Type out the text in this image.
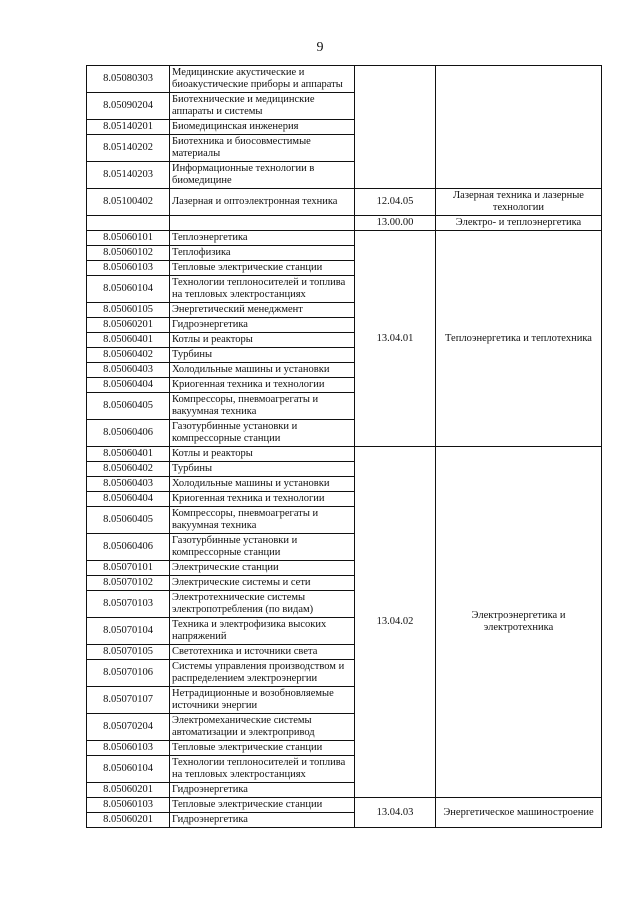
9
8.05080303	Медицинские акустические и биоакустические приборы и аппараты		
8.05090204	Биотехнические и медицинские аппараты и системы		
8.05140201	Биомедицинская инженерия		
8.05140202	Биотехника и биосовместимые материалы		
8.05140203	Информационные технологии в биомедицине		
8.05100402	Лазерная и оптоэлектронная техника	12.04.05	Лазерная техника и лазерные технологии
		13.00.00	Электро- и теплоэнергетика
8.05060101	Теплоэнергетика	13.04.01	Теплоэнергетика и теплотехника
8.05060102	Теплофизика		
8.05060103	Тепловые электрические станции		
8.05060104	Технологии теплоносителей и топлива на тепловых электростанциях		
8.05060105	Энергетический менеджмент		
8.05060201	Гидроэнергетика		
8.05060401	Котлы и реакторы		
8.05060402	Турбины		
8.05060403	Холодильные машины и установки		
8.05060404	Криогенная техника и технологии		
8.05060405	Компрессоры, пневмоагрегаты и вакуумная техника		
8.05060406	Газотурбинные установки и компрессорные станции		
8.05060401	Котлы и реакторы	13.04.02	Электроэнергетика и электротехника
8.05060402	Турбины		
8.05060403	Холодильные машины и установки		
8.05060404	Криогенная техника и технологии		
8.05060405	Компрессоры, пневмоагрегаты и вакуумная техника		
8.05060406	Газотурбинные установки и компрессорные станции		
8.05070101	Электрические станции		
8.05070102	Электрические системы и сети		
8.05070103	Электротехнические системы электропотребления (по видам)		
8.05070104	Техника и электрофизика высоких напряжений		
8.05070105	Светотехника и источники света		
8.05070106	Системы управления производством и распределением электроэнергии		
8.05070107	Нетрадиционные и возобновляемые источники энергии		
8.05070204	Электромеханические системы автоматизации и электропривод		
8.05060103	Тепловые электрические станции		
8.05060104	Технологии теплоносителей и топлива на тепловых электростанциях		
8.05060201	Гидроэнергетика		
8.05060103	Тепловые электрические станции	13.04.03	Энергетическое машиностроение
8.05060201	Гидроэнергетика		
